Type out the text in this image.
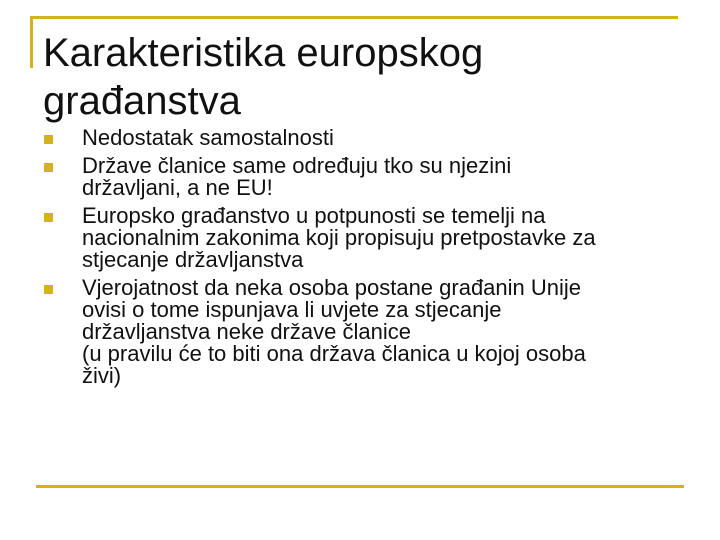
Karakteristika europskog
građanstva
Nedostatak samostalnosti
Države članice same određuju tko su njezini
državljani, a ne EU!
Europsko građanstvo u potpunosti se temelji na
nacionalnim zakonima koji propisuju pretpostavke za
stjecanje državljanstva
Vjerojatnost da neka osoba postane građanin Unije
ovisi o tome ispunjava li uvjete za stjecanje
državljanstva neke države članice
(u pravilu će to biti ona država članica u kojoj osoba
živi)
